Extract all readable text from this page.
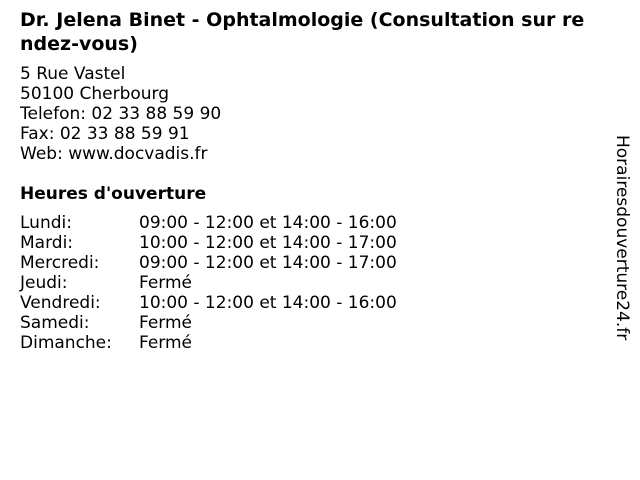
Dr. Jelena Binet - Ophtalmologie (Consultation sur rendez-vous)
5 Rue Vastel
50100 Cherbourg
Telefon: 02 33 88 59 90
Fax: 02 33 88 59 91
Web: www.docvadis.fr
Heures d'ouverture
Lundi:	09:00 - 12:00 et 14:00 - 16:00
Mardi:	10:00 - 12:00 et 14:00 - 17:00
Mercredi: 09:00 - 12:00 et 14:00 - 17:00
Jeudi:	Fermé
Vendredi: 10:00 - 12:00 et 14:00 - 16:00
Samedi:	Fermé
Dimanche: Fermé
Horairesdouverture24.fr
